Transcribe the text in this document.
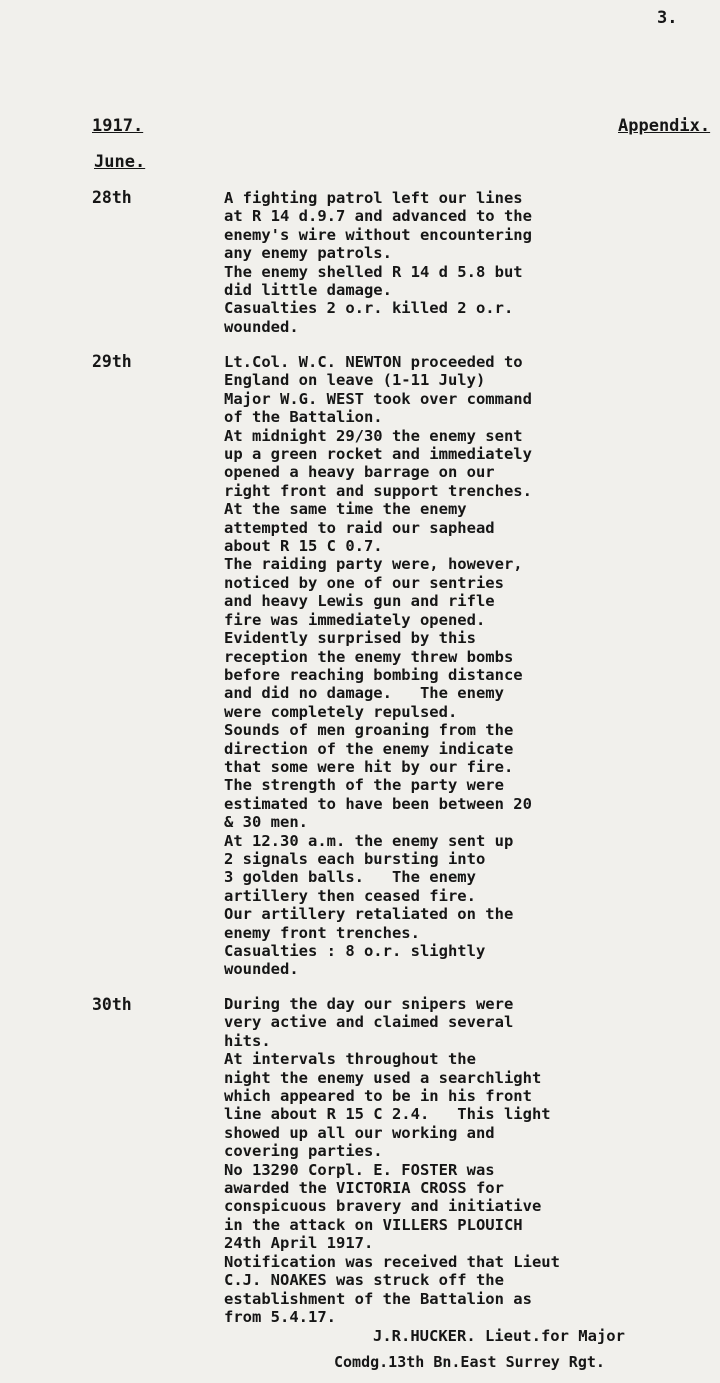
3.
1917.	Appendix.
June.
28th	A fighting patrol left our lines
at R 14 d.9.7 and advanced to the
enemy's wire without encountering
any enemy patrols.
The enemy shelled R 14 d 5.8 but
did little damage.
Casualties 2 o.r. killed 2 o.r.
wounded.
29th	Lt.Col. W.C. NEWTON proceeded to
England on leave (1-11 July)
Major W.G. WEST took over command
of the Battalion.
At midnight 29/30 the enemy sent
up a green rocket and immediately
opened a heavy barrage on our
right front and support trenches.
At the same time the enemy
attempted to raid our saphead
about R 15 C 0.7.
The raiding party were, however,
noticed by one of our sentries
and heavy Lewis gun and rifle
fire was immediately opened.
Evidently surprised by this
reception the enemy threw bombs
before reaching bombing distance
and did no damage.   The enemy
were completely repulsed.
Sounds of men groaning from the
direction of the enemy indicate
that some were hit by our fire.
The strength of the party were
estimated to have been between 20
& 30 men.
At 12.30 a.m. the enemy sent up
2 signals each bursting into
3 golden balls.   The enemy
artillery then ceased fire.
Our artillery retaliated on the
enemy front trenches.
Casualties : 8 o.r. slightly
wounded.
30th	During the day our snipers were
very active and claimed several
hits.
At intervals throughout the
night the enemy used a searchlight
which appeared to be in his front
line about R 15 C 2.4.   This light
showed up all our working and
covering parties.
No 13290 Corpl. E. FOSTER was
awarded the VICTORIA CROSS for
conspicuous bravery and initiative
in the attack on VILLERS PLOUICH
24th April 1917.
Notification was received that Lieut
C.J. NOAKES was struck off the
establishment of the Battalion as
from 5.4.17.
J.R.HUCKER. Lieut.for Major
Comdg.13th Bn.East Surrey Rgt.
